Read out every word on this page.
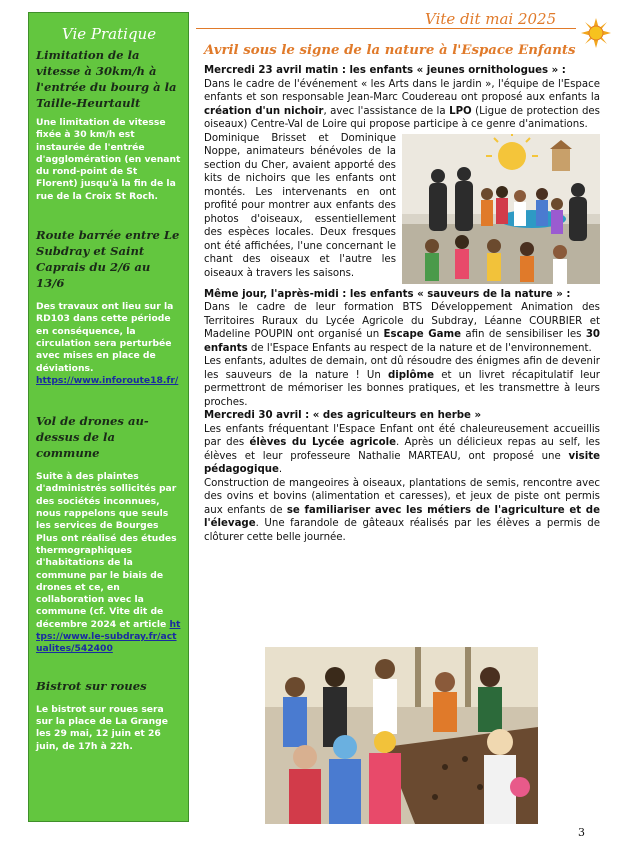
Vie Pratique

Limitation de la vitesse à 30km/h à l'entrée du bourg à la Taille-Heurtault

Une limitation de vitesse fixée à 30 km/h est instaurée de l'entrée d'agglomération (en venant du rond-point de St Florent) jusqu'à la fin de la rue de la Croix St Roch.

Route barrée entre Le Subdray et Saint Caprais du 2/6 au 13/6

Des travaux ont lieu sur la RD103 dans cette période en conséquence, la circulation sera perturbée avec mises en place de déviations. https://www.inforoute18.fr/

Vol de drones au-dessus de la commune

Suite à des plaintes d'administrés sollicités par des sociétés inconnues, nous rappelons que seuls les services de Bourges Plus ont réalisé des études thermographiques d'habitations de la commune par le biais de drones et ce, en collaboration avec la commune (cf. Vite dit de décembre 2024 et article https://www.le-subdray.fr/actualites/542400

Bistrot sur roues

Le bistrot sur roues sera sur la place de La Grange les 29 mai, 12 juin et 26 juin, de 17h à 22h.

Vite dit mai 2025
Avril sous le signe de la nature à l'Espace Enfants

Mercredi 23 avril matin : les enfants « jeunes ornithologues » :

Dans le cadre de l'événement « les Arts dans le jardin », l'équipe de l'Espace enfants et son responsable Jean-Marc Coudereau ont proposé aux enfants la création d'un nichoir, avec l'assistance de la LPO (Ligue de protection des oiseaux) Centre-Val de Loire qui propose participe à ce genre d'animations.

Dominique Brisset et Dominique Noppe, animateurs bénévoles de la section du Cher, avaient apporté des kits de nichoirs que les enfants ont montés. Les intervenants en ont profité pour montrer aux enfants des photos d'oiseaux, essentiellement des espèces locales. Deux fresques ont été affichées, l'une concernant le chant des oiseaux et l'autre les oiseaux à travers les saisons.

Même jour, l'après-midi : les enfants « sauveurs de la nature » :

Dans le cadre de leur formation BTS Développement Animation des Territoires Ruraux du Lycée Agricole du Subdray, Léanne COURBIER et Madeline POUPIN ont organisé un Escape Game afin de sensibiliser les 30 enfants de l'Espace Enfants au respect de la nature et de l'environnement.

Les enfants, adultes de demain, ont dû résoudre des énigmes afin de devenir les sauveurs de la nature ! Un diplôme et un livret récapitulatif leur permettront de mémoriser les bonnes pratiques, et les transmettre à leurs proches.

Mercredi 30 avril : « des agriculteurs en herbe »

Les enfants fréquentant l'Espace Enfant ont été chaleureusement accueillis par des élèves du Lycée agricole. Après un délicieux repas au self, les élèves et leur professeure Nathalie MARTEAU, ont proposé une visite pédagogique.

Construction de mangeoires à oiseaux, plantations de semis, rencontre avec des ovins et bovins (alimentation et caresses), et jeux de piste ont permis aux enfants de se familiariser avec les métiers de l'agriculture et de l'élevage. Une farandole de gâteaux réalisés par les élèves a permis de clôturer cette belle journée.

3
